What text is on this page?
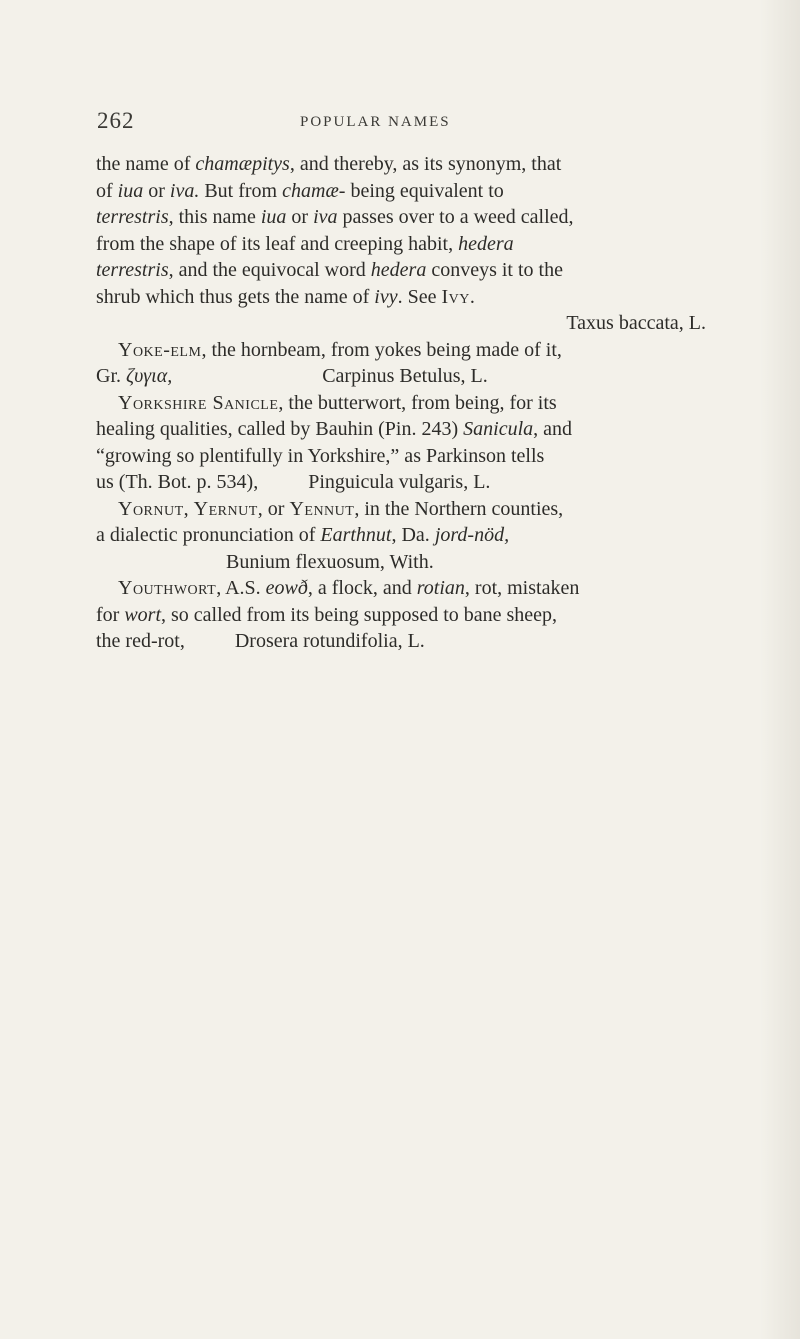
262	POPULAR NAMES
the name of chamæpitys, and thereby, as its synonym, that
of iua or iva. But from chamæ- being equivalent to
terrestris, this name iua or iva passes over to a weed called,
from the shape of its leaf and creeping habit, hedera
terrestris, and the equivocal word hedera conveys it to the
shrub which thus gets the name of ivy. See Ivy.
Taxus baccata, L.
Yoke-elm, the hornbeam, from yokes being made of it,
Gr. ζυγια,                              Carpinus Betulus, L.
Yorkshire Sanicle, the butterwort, from being, for its
healing qualities, called by Bauhin (Pin. 243) Sanicula, and
“growing so plentifully in Yorkshire,” as Parkinson tells
us (Th. Bot. p. 534),          Pinguicula vulgaris, L.
Yornut, Yernut, or Yennut, in the Northern counties,
a dialectic pronunciation of Earthnut, Da. jord-nöd,
Bunium flexuosum, With.
Youthwort, A.S. eowð, a flock, and rotian, rot, mistaken
for wort, so called from its being supposed to bane sheep,
the red-rot,          Drosera rotundifolia, L.
